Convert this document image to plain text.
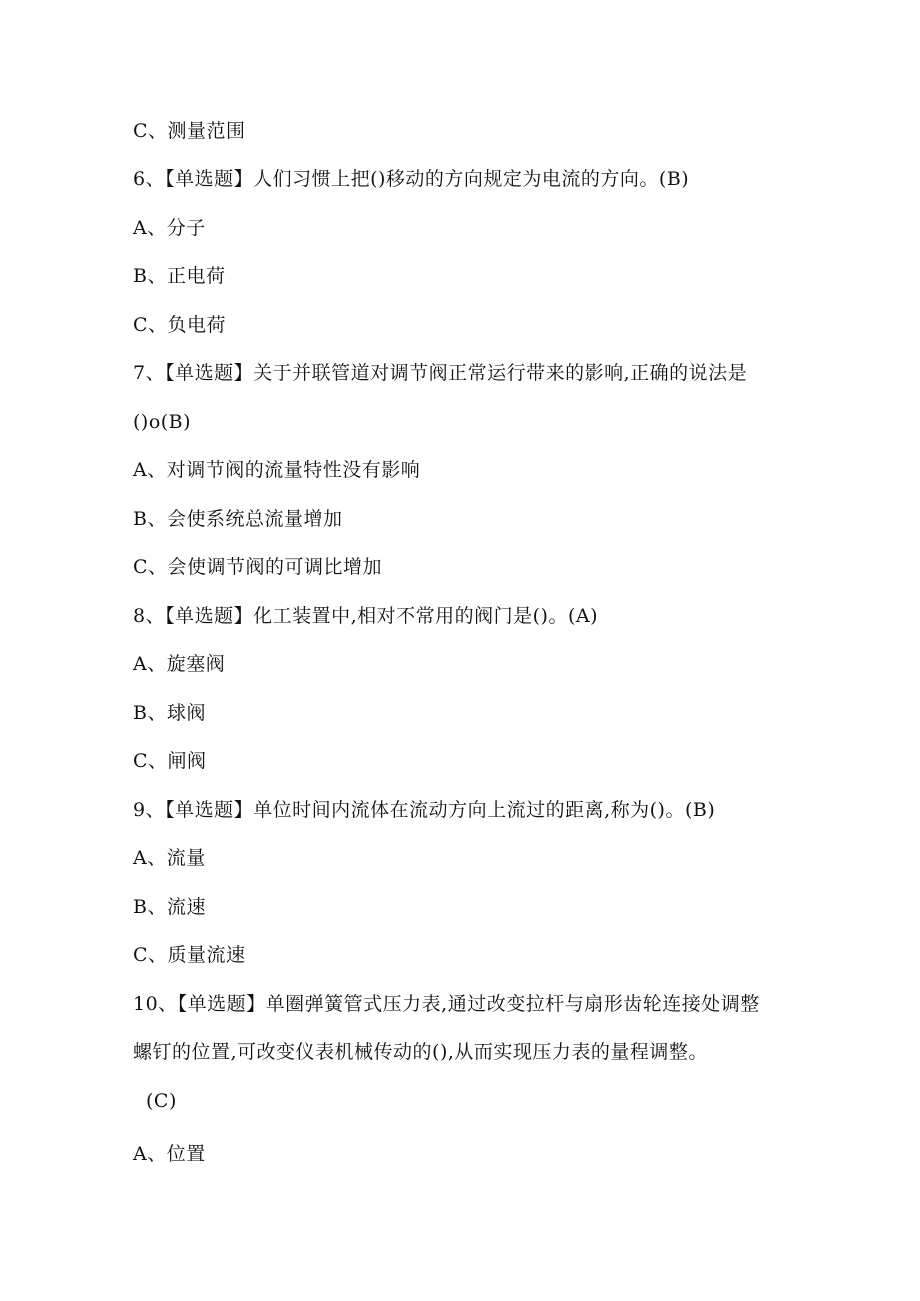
C、测量范围
6、【单选题】人们习惯上把()移动的方向规定为电流的方向。(B)
A、分子
B、正电荷
C、负电荷
7、【单选题】关于并联管道对调节阀正常运行带来的影响,正确的说法是
()o(B)
A、对调节阀的流量特性没有影响
B、会使系统总流量增加
C、会使调节阀的可调比增加
8、【单选题】化工装置中,相对不常用的阀门是()。(A)
A、旋塞阀
B、球阀
C、闸阀
9、【单选题】单位时间内流体在流动方向上流过的距离,称为()。(B)
A、流量
B、流速
C、质量流速
10、【单选题】单圈弹簧管式压力表,通过改变拉杆与扇形齿轮连接处调整
螺钉的位置,可改变仪表机械传动的(),从而实现压力表的量程调整。
(C)
A、位置
